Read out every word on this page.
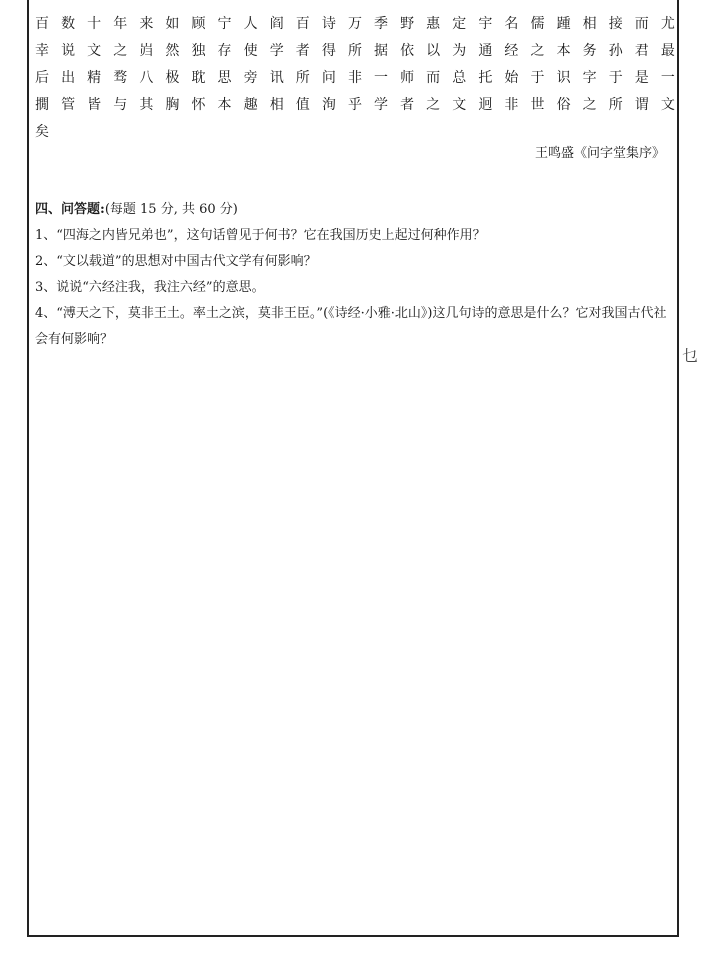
百 数 十 年 来 如 顾 宁 人 阎 百 诗 万 季 野 惠 定 宇 名 儒 踵 相 接 而 尤
幸 说 文 之 岿 然 独 存 使 学 者 得 所 据 依 以 为 通 经 之 本 务 孙 君 最
后 出 精 骛 八 极 耽 思 旁 讯 所 问 非 一 师 而 总 托 始 于 识 字 于 是 一
撊 管 皆 与 其 胸 怀 本 趣 相 值 洵 乎 学 者 之 文 迥 非 世 俗 之 所 谓 文
矣
王鸣盛《问字堂集序》
四、问答题:(每题 15 分, 共 60 分)
1、“四海之内皆兄弟也”，这句话曾见于何书？它在我国历史上起过何种作用？
2、“文以载道”的思想对中国古代文学有何影响？
3、说说“六经注我，我注六经”的意思。
4、“溥天之下，莫非王土。率土之滨，莫非王臣。”(《诗经·小雅·北山》)这几句诗的意思是什么？它对我国古代社会有何影响？
乜
